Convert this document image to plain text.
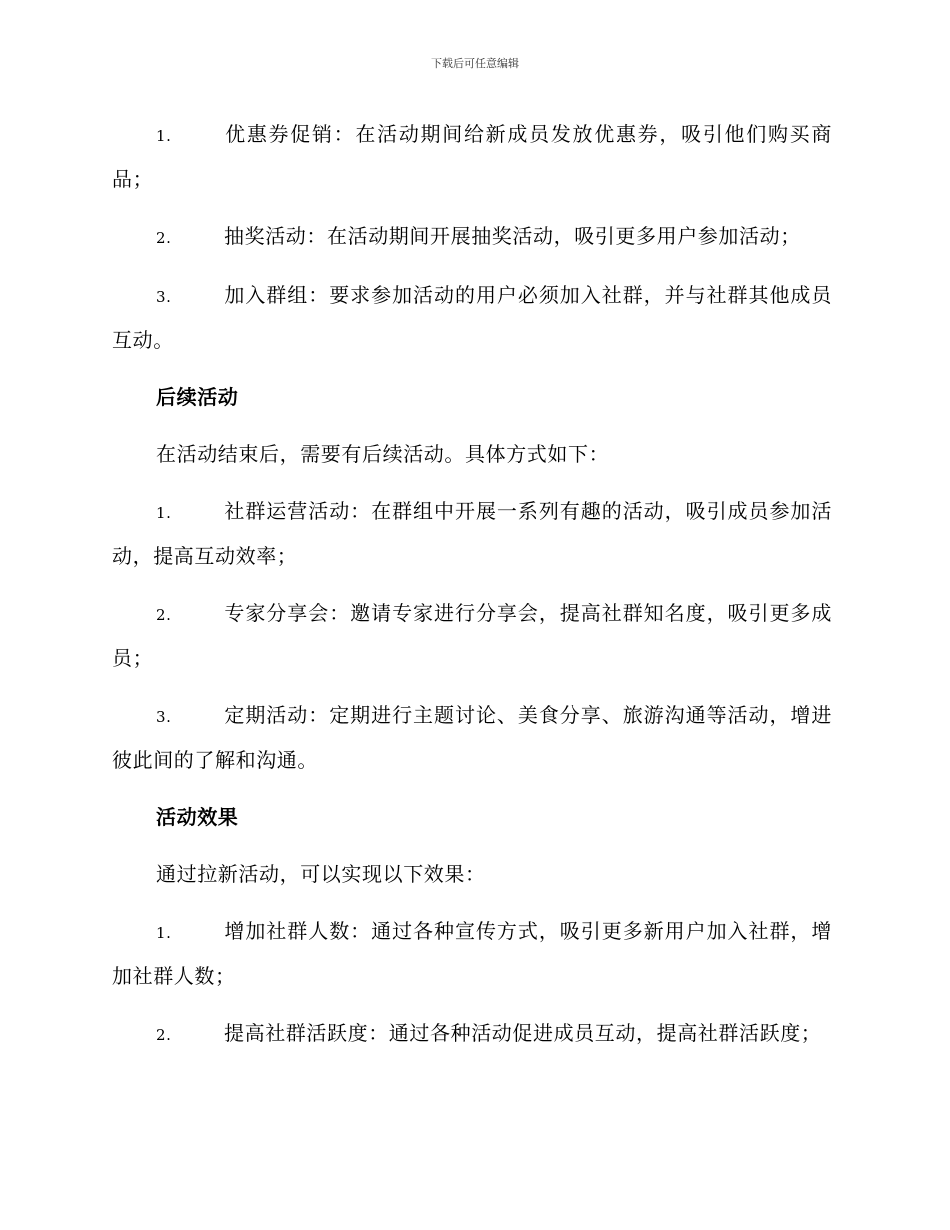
下载后可任意编辑
1.	优惠券促销：在活动期间给新成员发放优惠券，吸引他们购买商品；
2.	抽奖活动：在活动期间开展抽奖活动，吸引更多用户参加活动；
3.	加入群组：要求参加活动的用户必须加入社群，并与社群其他成员互动。
后续活动
在活动结束后，需要有后续活动。具体方式如下：
1.	社群运营活动：在群组中开展一系列有趣的活动，吸引成员参加活动，提高互动效率；
2.	专家分享会：邀请专家进行分享会，提高社群知名度，吸引更多成员；
3.	定期活动：定期进行主题讨论、美食分享、旅游沟通等活动，增进彼此间的了解和沟通。
活动效果
通过拉新活动，可以实现以下效果：
1.	增加社群人数：通过各种宣传方式，吸引更多新用户加入社群，增加社群人数；
2.	提高社群活跃度：通过各种活动促进成员互动，提高社群活跃度；
